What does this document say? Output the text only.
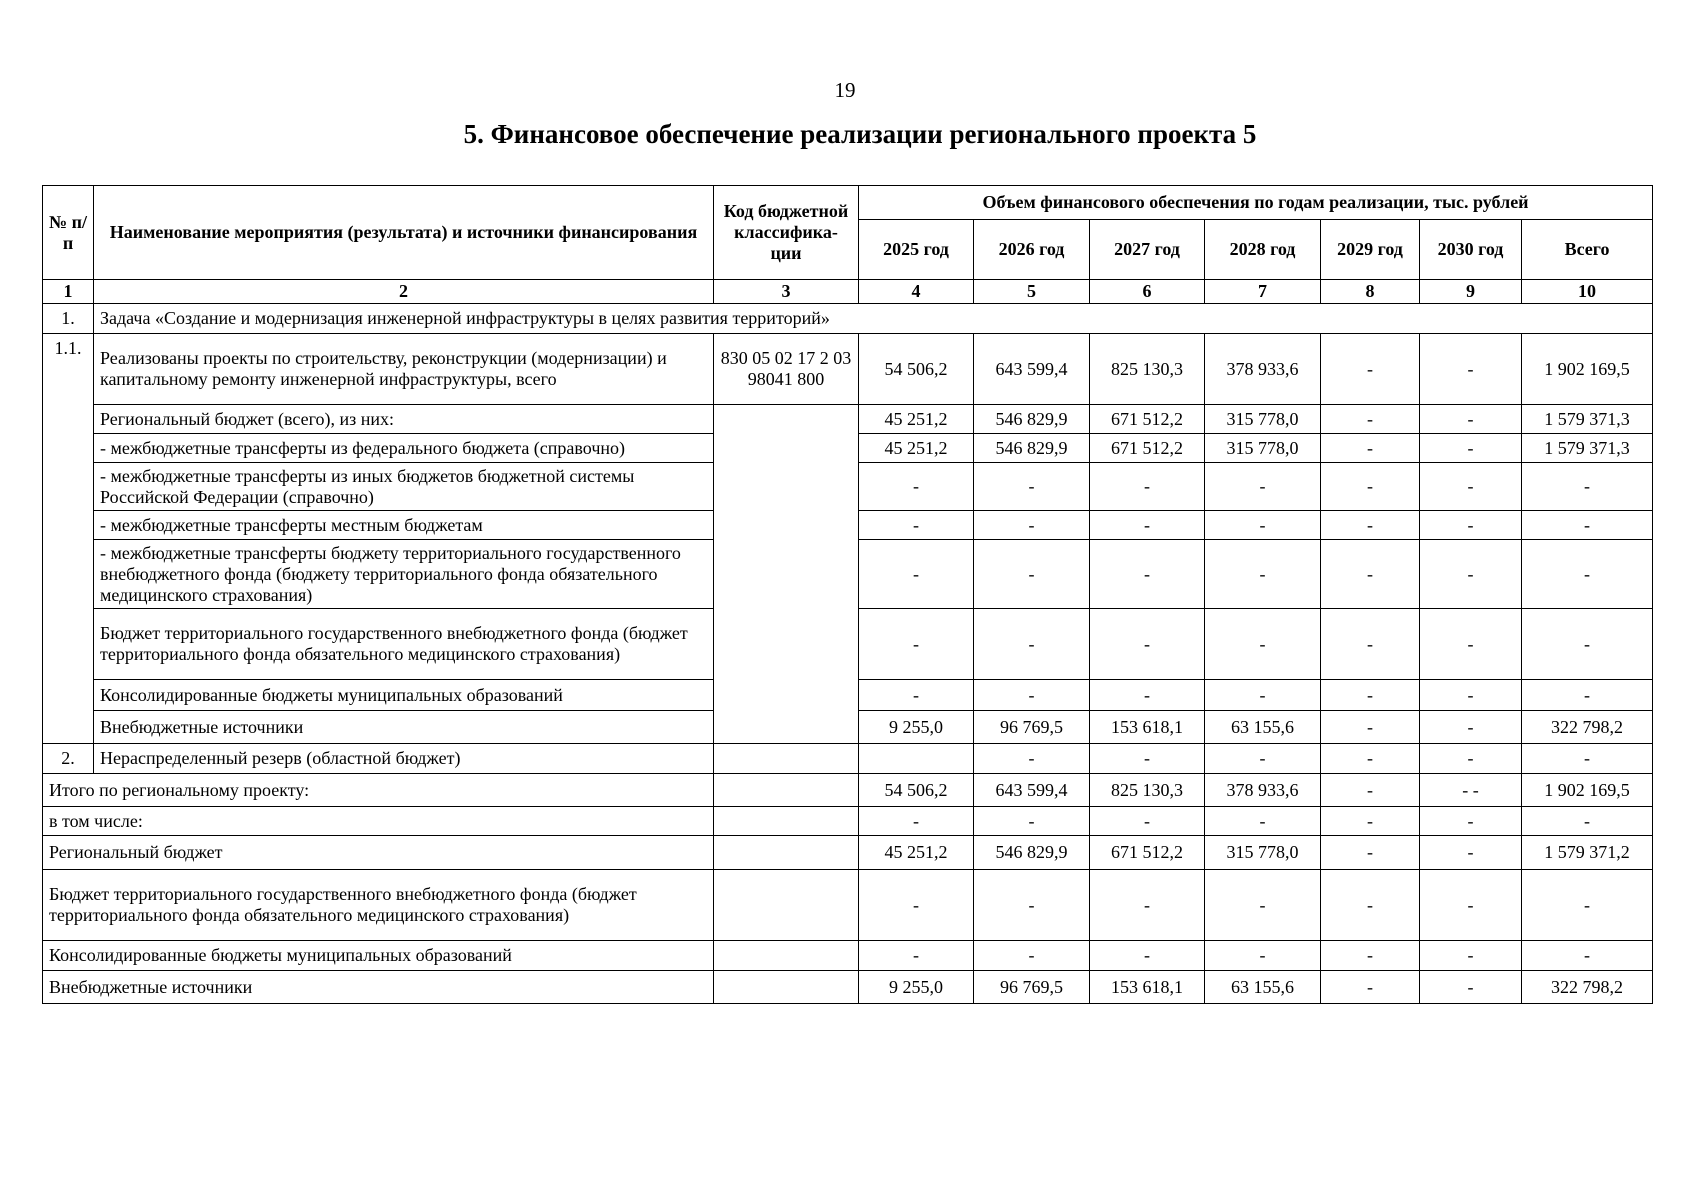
19
5. Финансовое обеспечение реализации регионального проекта 5
№ п/п	Наименование мероприятия (результата) и источники финансирования	Код бюджетной классифика-ции	Объем финансового обеспечения по годам реализации, тыс. рублей						
			2025 год	2026 год	2027 год	2028 год	2029 год	2030 год	Всего
1	2	3	4	5	6	7	8	9	10
1.	Задача «Создание и модернизация инженерной инфраструктуры в целях развития территорий»								
1.1.	Реализованы проекты по строительству, реконструкции (модернизации) и капитальному ремонту инженерной инфраструктуры, всего	830 05 02 17 2 03 98041 800	54 506,2	643 599,4	825 130,3	378 933,6	-	-	1 902 169,5
	Региональный бюджет (всего), из них:		45 251,2	546 829,9	671 512,2	315 778,0	-	-	1 579 371,3
	- межбюджетные трансферты из федерального бюджета (справочно)		45 251,2	546 829,9	671 512,2	315 778,0	-	-	1 579 371,3
	- межбюджетные трансферты из иных бюджетов бюджетной системы Российской Федерации (справочно)		-	-	-	-	-	-	-
	- межбюджетные трансферты местным бюджетам		-	-	-	-	-	-	-
	- межбюджетные трансферты бюджету территориального государственного внебюджетного фонда (бюджету территориального фонда обязательного медицинского страхования)		-	-	-	-	-	-	-
	Бюджет территориального государственного внебюджетного фонда (бюджет территориального фонда обязательного медицинского страхования)		-	-	-	-	-	-	-
	Консолидированные бюджеты муниципальных образований		-	-	-	-	-	-	-
	Внебюджетные источники		9 255,0	96 769,5	153 618,1	63 155,6	-	-	322 798,2
2.	Нераспределенный резерв (областной бюджет)			-	-	-	-	-	-
Итого по региональному проекту:			54 506,2	643 599,4	825 130,3	378 933,6	-	- -	1 902 169,5
в том числе:			-	-	-	-	-	-	-
Региональный бюджет			45 251,2	546 829,9	671 512,2	315 778,0	-	-	1 579 371,2
Бюджет территориального государственного внебюджетного фонда (бюджет территориального фонда обязательного медицинского страхования)			-	-	-	-	-	-	-
Консолидированные бюджеты муниципальных образований			-	-	-	-	-	-	-
Внебюджетные источники			9 255,0	96 769,5	153 618,1	63 155,6	-	-	322 798,2
